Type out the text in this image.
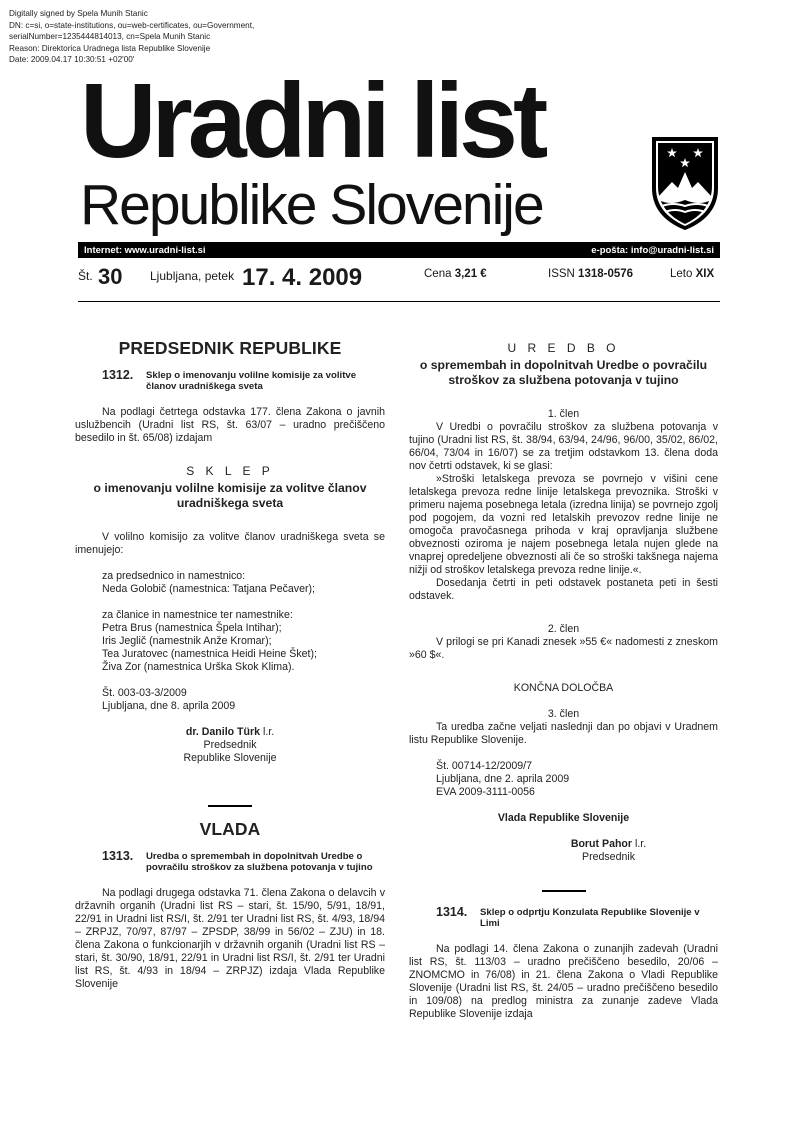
Digitally signed by Spela Munih Stanic
DN: c=si, o=state-institutions, ou=web-certificates, ou=Government,
serialNumber=1235444814013, cn=Spela Munih Stanic
Reason: Direktorica Uradnega lista Republike Slovenije
Date: 2009.04.17 10:30:51 +02'00'
Uradni list
Republike Slovenije
Internet: www.uradni-list.si	e-pošta: info@uradni-list.si
Št. 30 Ljubljana, petek 17. 4. 2009	Cena 3,21 €	ISSN 1318-0576	Leto XIX
PREDSEDNIK REPUBLIKE
1312.	Sklep o imenovanju volilne komisije za volitve članov uradniškega sveta

Na podlagi četrtega odstavka 177. člena Zakona o javnih uslužbencih (Uradni list RS, št. 63/07 – uradno prečiščeno besedilo in št. 65/08) izdajam

S K L E P
o imenovanju volilne komisije za volitve članov uradniškega sveta

V volilno komisijo za volitve članov uradniškega sveta se imenujejo:

za predsednico in namestnico:
Neda Golobič (namestnica: Tatjana Pečaver);
za članice in namestnice ter namestnike:
Petra Brus (namestnica Špela Intihar);
Iris Jeglič (namestnik Anže Kromar);
Tea Juratovec (namestnica Heidi Heine Šket);
Živa Zor (namestnica Urška Skok Klima).
Št. 003-03-3/2009
Ljubljana, dne 8. aprila 2009
dr. Danilo Türk l.r.
Predsednik
Republike Slovenije
VLADA
1313.	Uredba o spremembah in dopolnitvah Uredbe o povračilu stroškov za službena potovanja v tujino

Na podlagi drugega odstavka 71. člena Zakona o delavcih v državnih organih (Uradni list RS – stari, št. 15/90, 5/91, 18/91, 22/91 in Uradni list RS/I, št. 2/91 ter Uradni list RS, št. 4/93, 18/94 – ZRPJZ, 70/97, 87/97 – ZPSDP, 38/99 in 56/02 – ZJU) in 18. člena Zakona o funkcionarjih v državnih organih (Uradni list RS – stari, št. 30/90, 18/91, 22/91 in Uradni list RS/I, št. 2/91 ter Uradni list RS, št. 4/93 in 18/94 – ZRPJZ) izdaja Vlada Republike Slovenije

U R E D B O
o spremembah in dopolnitvah Uredbe o povračilu stroškov za službena potovanja v tujino
1. člen

V Uredbi o povračilu stroškov za službena potovanja v tujino (Uradni list RS, št. 38/94, 63/94, 24/96, 96/00, 35/02, 86/02, 66/04, 73/04 in 16/07) se za tretjim odstavkom 13. člena doda nov četrti odstavek, ki se glasi:

»Stroški letalskega prevoza se povrnejo v višini cene letalskega prevoza redne linije letalskega prevoznika. Stroški v primeru najema posebnega letala (izredna linija) se povrnejo zgolj pod pogojem, da vozni red letalskih prevozov redne linije ne omogoča pravočasnega prihoda v kraj opravljanja službene obveznosti oziroma je najem posebnega letala nujen glede na vnaprej opredeljene obveznosti ali če so stroški takšnega najema nižji od stroškov letalskega prevoza redne linije.«.

Dosedanja četrti in peti odstavek postaneta peti in šesti odstavek.

2. člen

V prilogi se pri Kanadi znesek »55 €« nadomesti z zneskom »60 $«.

KONČNA DOLOČBA
3. člen

Ta uredba začne veljati naslednji dan po objavi v Uradnem listu Republike Slovenije.

Št. 00714-12/2009/7
Ljubljana, dne 2. aprila 2009
EVA 2009-3111-0056
Vlada Republike Slovenije
Borut Pahor l.r.
Predsednik
1314.	Sklep o odprtju Konzulata Republike Slovenije v Limi

Na podlagi 14. člena Zakona o zunanjih zadevah (Uradni list RS, št. 113/03 – uradno prečiščeno besedilo, 20/06 – ZNOMCMO in 76/08) in 21. člena Zakona o Vladi Republike Slovenije (Uradni list RS, št. 24/05 – uradno prečiščeno besedilo in 109/08) na predlog ministra za zunanje zadeve Vlada Republike Slovenije izdaja
